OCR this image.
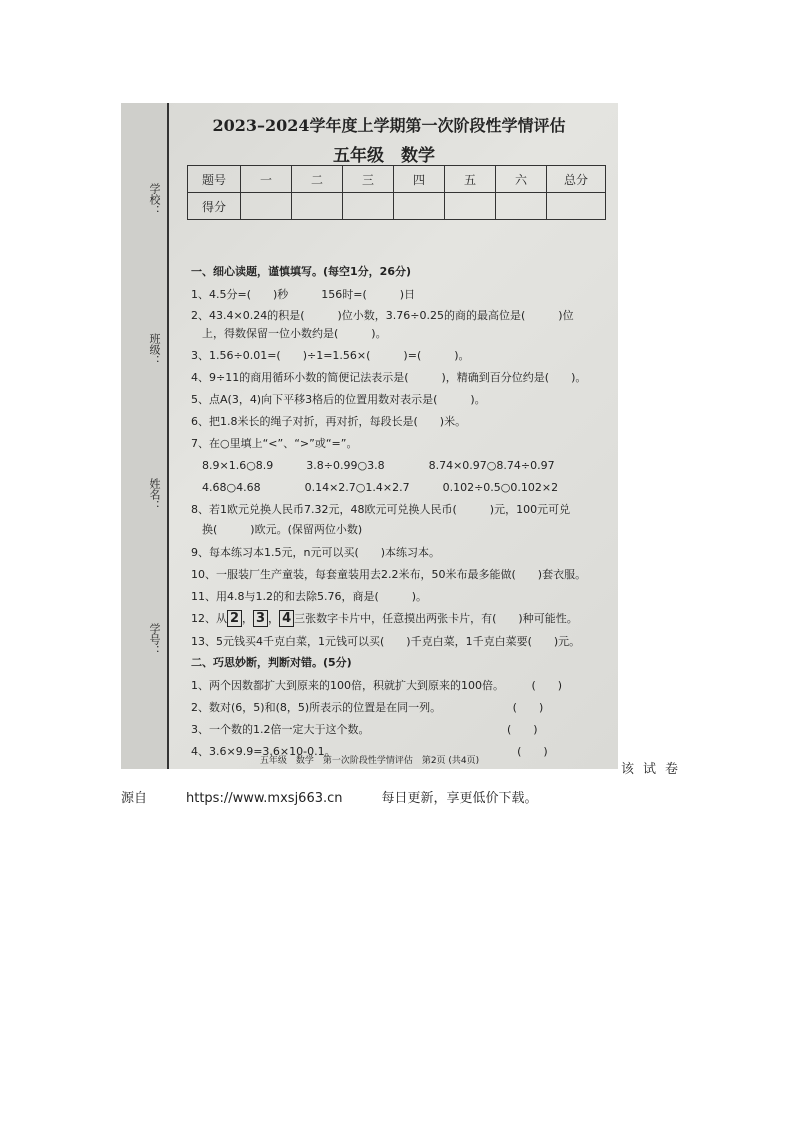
学校：
班级：
姓名：
学号：
2023–2024学年度上学期第一次阶段性学情评估
五年级　数学
题号	一	二	三	四	五	六	总分
得分							
一、细心读题，谨慎填写。(每空1分，26分)
1、4.5分=(　　)秒　　　156时=(　　　)日
2、43.4×0.24的积是(　　　)位小数，3.76÷0.25的商的最高位是(　　　)位
　上，得数保留一位小数约是(　　　)。
3、1.56÷0.01=(　　)÷1=1.56×(　　　)=(　　　)。
4、9÷11的商用循环小数的简便记法表示是(　　　)，精确到百分位约是(　　)。
5、点A(3，4)向下平移3格后的位置用数对表示是(　　　)。
6、把1.8米长的绳子对折，再对折，每段长是(　　)米。
7、在○里填上“<”、“>”或“=”。
　8.9×1.6○8.9　　　3.8÷0.99○3.8　　　　8.74×0.97○8.74÷0.97
　4.6̇8̇○4.68　　　　0.14×2.7○1.4×2.7　　　0.102÷0.5○0.102×2
8、若1欧元兑换人民币7.32元，48欧元可兑换人民币(　　　)元，100元可兑
　换(　　　)欧元。(保留两位小数)
9、每本练习本1.5元，n元可以买(　　)本练习本。
10、一服装厂生产童装，每套童装用去2.2米布，50米布最多能做(　　)套衣服。
11、用4.8与1.2的和去除5.76，商是(　　　)。
12、从 2 ， 3 ， 4 三张数字卡片中，任意摸出两张卡片，有(　　)种可能性。
13、5元钱买4千克白菜，1元钱可以买(　　)千克白菜，1千克白菜要(　　)元。
二、巧思妙断，判断对错。(5分)
1、两个因数都扩大到原来的100倍，积就扩大到原来的100倍。　　　(　　)
2、数对(6，5)和(8，5)所表示的位置是在同一列。　　　　　　　(　　)
3、一个数的1.2倍一定大于这个数。　　　　　　　　　　　　　(　　)
4、3.6×9.9=3.6×10-0.1。　　　　　　　　　　　　　　　　　(　　)
五年级　数学　第一次阶段性学情评估　第2页 (共4页)
该试卷
源自　　　https://www.mxsj663.cn　　　每日更新，享更低价下载。
